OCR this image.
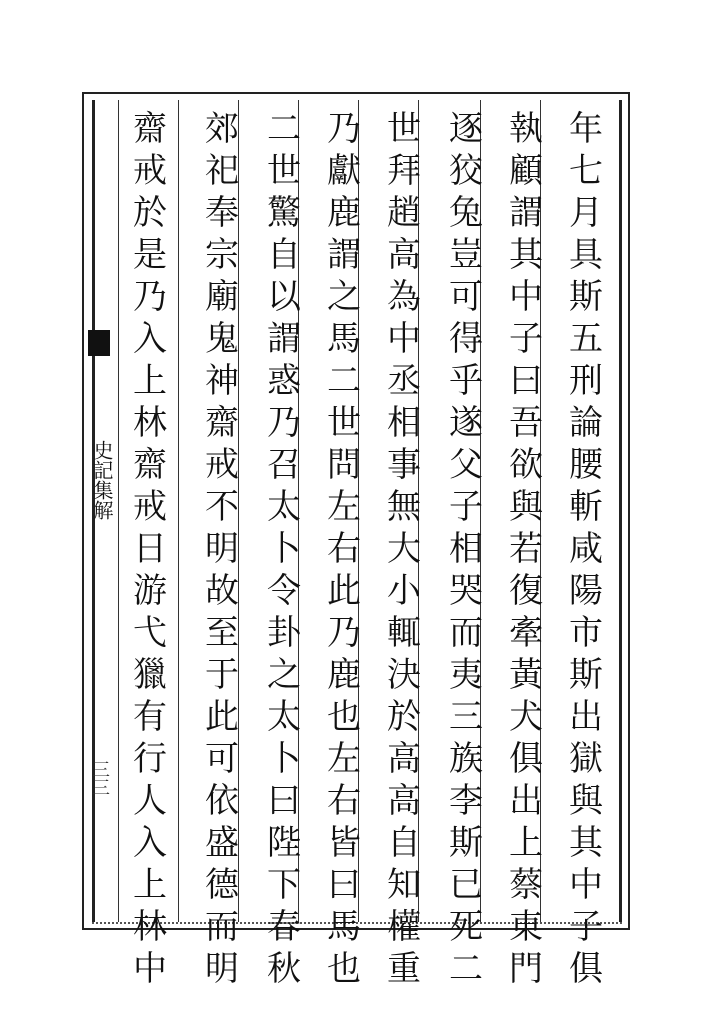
年
七
月
具
斯
五
刑
論
腰
斬
咸
陽
市
斯
出
獄
與
其
中
子
俱
執
顧
謂
其
中
子
曰
吾
欲
與
若
復
牽
黃
犬
俱
出
上
蔡
東
門
逐
狡
兔
豈
可
得
乎
遂
父
子
相
哭
而
夷
三
族
李
斯
已
死
二
世
拜
趙
高
為
中
丞
相
事
無
大
小
輒
決
於
高
高
自
知
權
重
乃
獻
鹿
謂
之
馬
二
世
問
左
右
此
乃
鹿
也
左
右
皆
曰
馬
也
二
世
驚
自
以
謂
惑
乃
召
太
卜
令
卦
之
太
卜
曰
陛
下
春
秋
郊
祀
奉
宗
廟
鬼
神
齋
戒
不
明
故
至
于
此
可
依
盛
德
而
明
齋
戒
於
是
乃
入
上
林
齋
戒
日
游
弋
獵
有
行
人
入
上
林
中
史記集解
三三
